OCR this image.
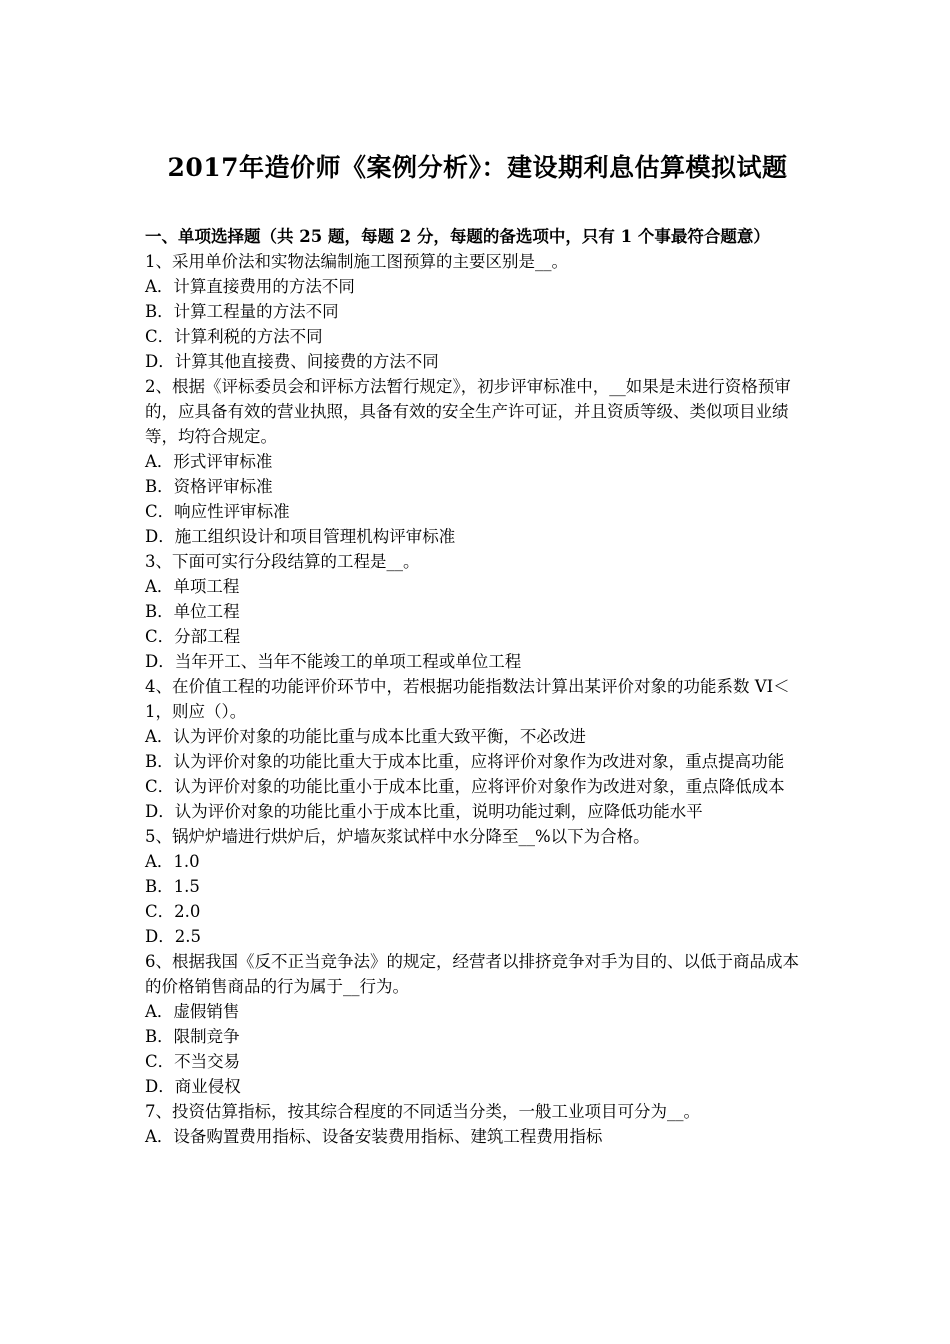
2017年造价师《案例分析》：建设期利息估算模拟试题

一、单项选择题（共 25 题，每题 2 分，每题的备选项中，只有 1 个事最符合题意）

1、采用单价法和实物法编制施工图预算的主要区别是__。

A．计算直接费用的方法不同

B．计算工程量的方法不同

C．计算利税的方法不同

D．计算其他直接费、间接费的方法不同

2、根据《评标委员会和评标方法暂行规定》，初步评审标准中，__如果是未进行资格预审的，应具备有效的营业执照，具备有效的安全生产许可证，并且资质等级、类似项目业绩等，均符合规定。

A．形式评审标准

B．资格评审标准

C．响应性评审标准

D．施工组织设计和项目管理机构评审标准

3、下面可实行分段结算的工程是__。

A．单项工程

B．单位工程

C．分部工程

D．当年开工、当年不能竣工的单项工程或单位工程

4、在价值工程的功能评价环节中，若根据功能指数法计算出某评价对象的功能系数 VI＜1，则应（）。

A．认为评价对象的功能比重与成本比重大致平衡，不必改进

B．认为评价对象的功能比重大于成本比重，应将评价对象作为改进对象，重点提高功能

C．认为评价对象的功能比重小于成本比重，应将评价对象作为改进对象，重点降低成本

D．认为评价对象的功能比重小于成本比重，说明功能过剩，应降低功能水平

5、锅炉炉墙进行烘炉后，炉墙灰浆试样中水分降至__%以下为合格。

A．1.0

B．1.5

C．2.0

D．2.5

6、根据我国《反不正当竞争法》的规定，经营者以排挤竞争对手为目的、以低于商品成本的价格销售商品的行为属于__行为。

A．虚假销售

B．限制竞争

C．不当交易

D．商业侵权

7、投资估算指标，按其综合程度的不同适当分类，一般工业项目可分为__。

A．设备购置费用指标、设备安装费用指标、建筑工程费用指标
